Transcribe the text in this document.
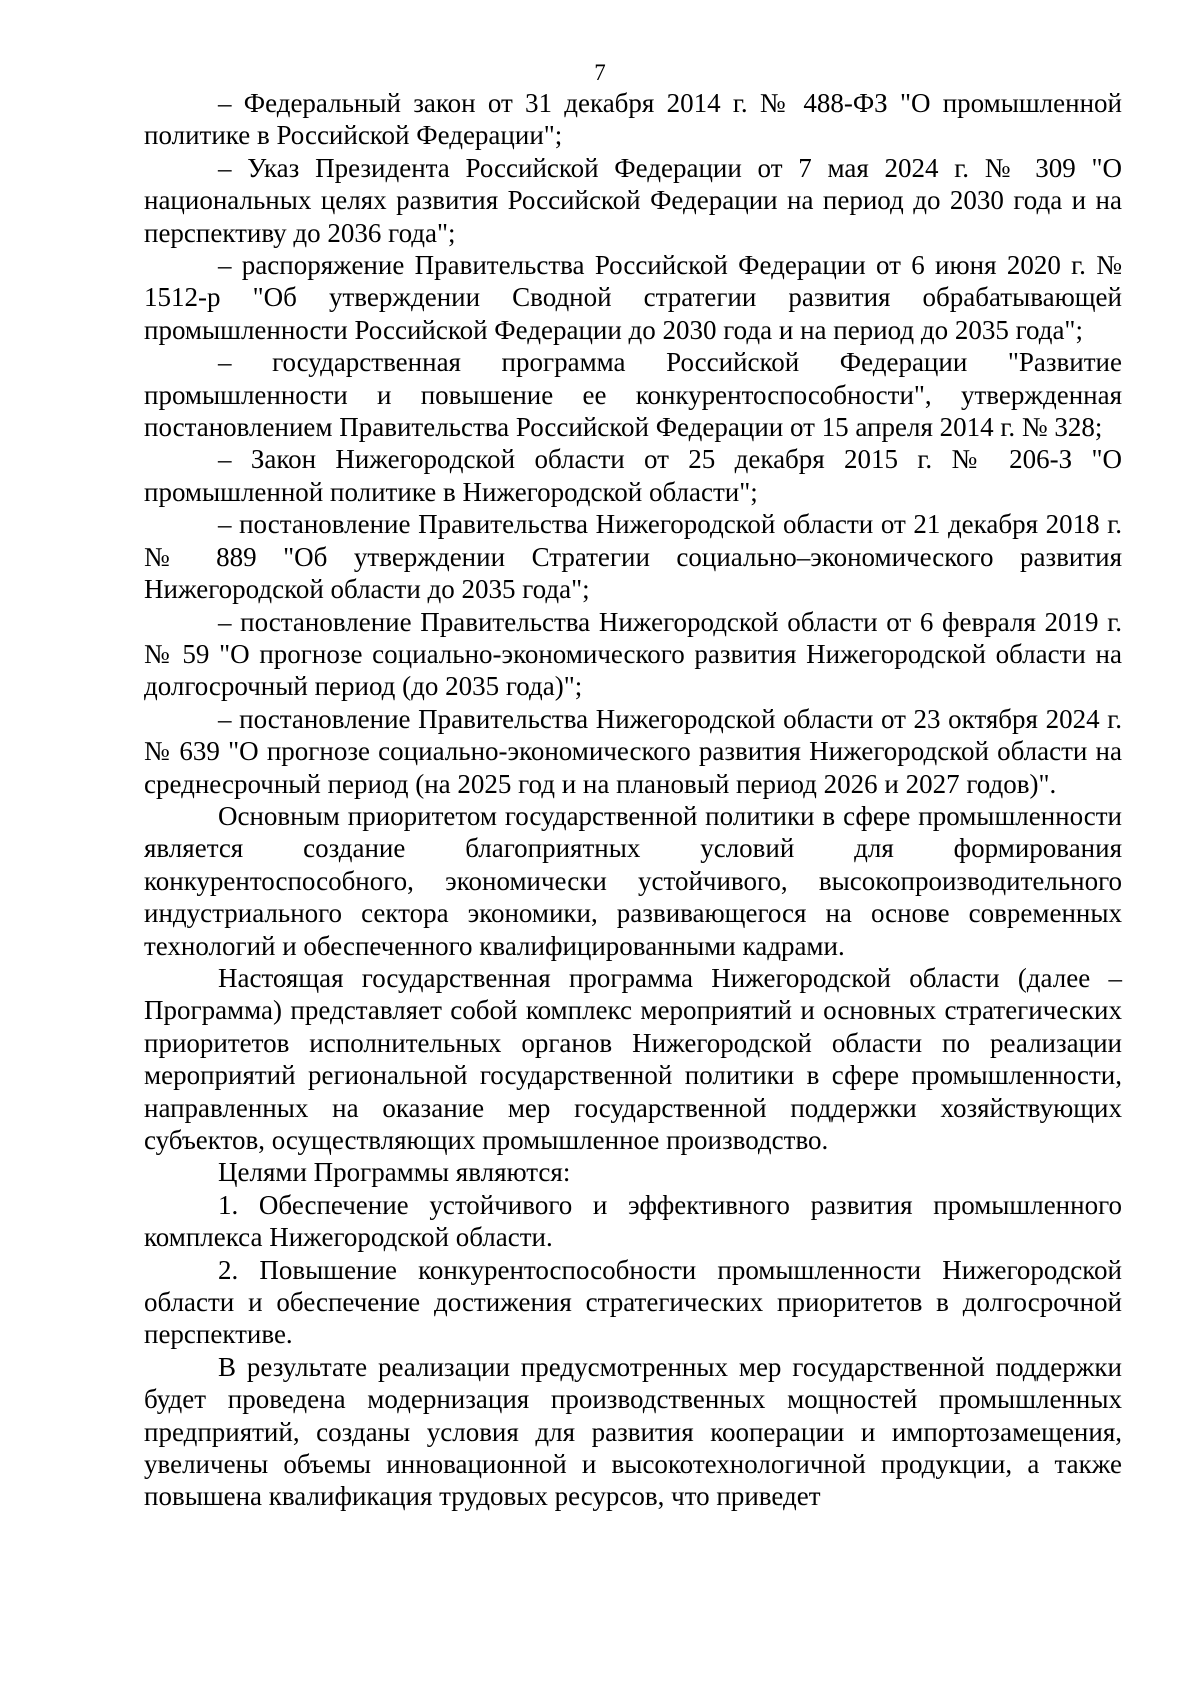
7

– Федеральный закон от 31 декабря 2014 г. № 488-ФЗ "О промышленной политике в Российской Федерации";

– Указ Президента Российской Федерации от 7 мая 2024 г. № 309 "О национальных целях развития Российской Федерации на период до 2030 года и на перспективу до 2036 года";

– распоряжение Правительства Российской Федерации от 6 июня 2020 г. № 1512-р "Об утверждении Сводной стратегии развития обрабатывающей промышленности Российской Федерации до 2030 года и на период до 2035 года";

– государственная программа Российской Федерации "Развитие промышленности и повышение ее конкурентоспособности", утвержденная постановлением Правительства Российской Федерации от 15 апреля 2014 г. № 328;

– Закон Нижегородской области от 25 декабря 2015 г. № 206-З "О промышленной политике в Нижегородской области";

– постановление Правительства Нижегородской области от 21 декабря 2018 г. № 889 "Об утверждении Стратегии социально–экономического развития Нижегородской области до 2035 года";

– постановление Правительства Нижегородской области от 6 февраля 2019 г. № 59 "О прогнозе социально-экономического развития Нижегородской области на долгосрочный период (до 2035 года)";

– постановление Правительства Нижегородской области от 23 октября 2024 г. № 639 "О прогнозе социально-экономического развития Нижегородской области на среднесрочный период (на 2025 год и на плановый период 2026 и 2027 годов)".

Основным приоритетом государственной политики в сфере промышленности является создание благоприятных условий для формирования конкурентоспособного, экономически устойчивого, высокопроизводительного индустриального сектора экономики, развивающегося на основе современных технологий и обеспеченного квалифицированными кадрами.

Настоящая государственная программа Нижегородской области (далее – Программа) представляет собой комплекс мероприятий и основных стратегических приоритетов исполнительных органов Нижегородской области по реализации мероприятий региональной государственной политики в сфере промышленности, направленных на оказание мер государственной поддержки хозяйствующих субъектов, осуществляющих промышленное производство.

Целями Программы являются:

1. Обеспечение устойчивого и эффективного развития промышленного комплекса Нижегородской области.

2. Повышение конкурентоспособности промышленности Нижегородской области и обеспечение достижения стратегических приоритетов в долгосрочной перспективе.

В результате реализации предусмотренных мер государственной поддержки будет проведена модернизация производственных мощностей промышленных предприятий, созданы условия для развития кооперации и импортозамещения, увеличены объемы инновационной и высокотехнологичной продукции, а также повышена квалификация трудовых ресурсов, что приведет
